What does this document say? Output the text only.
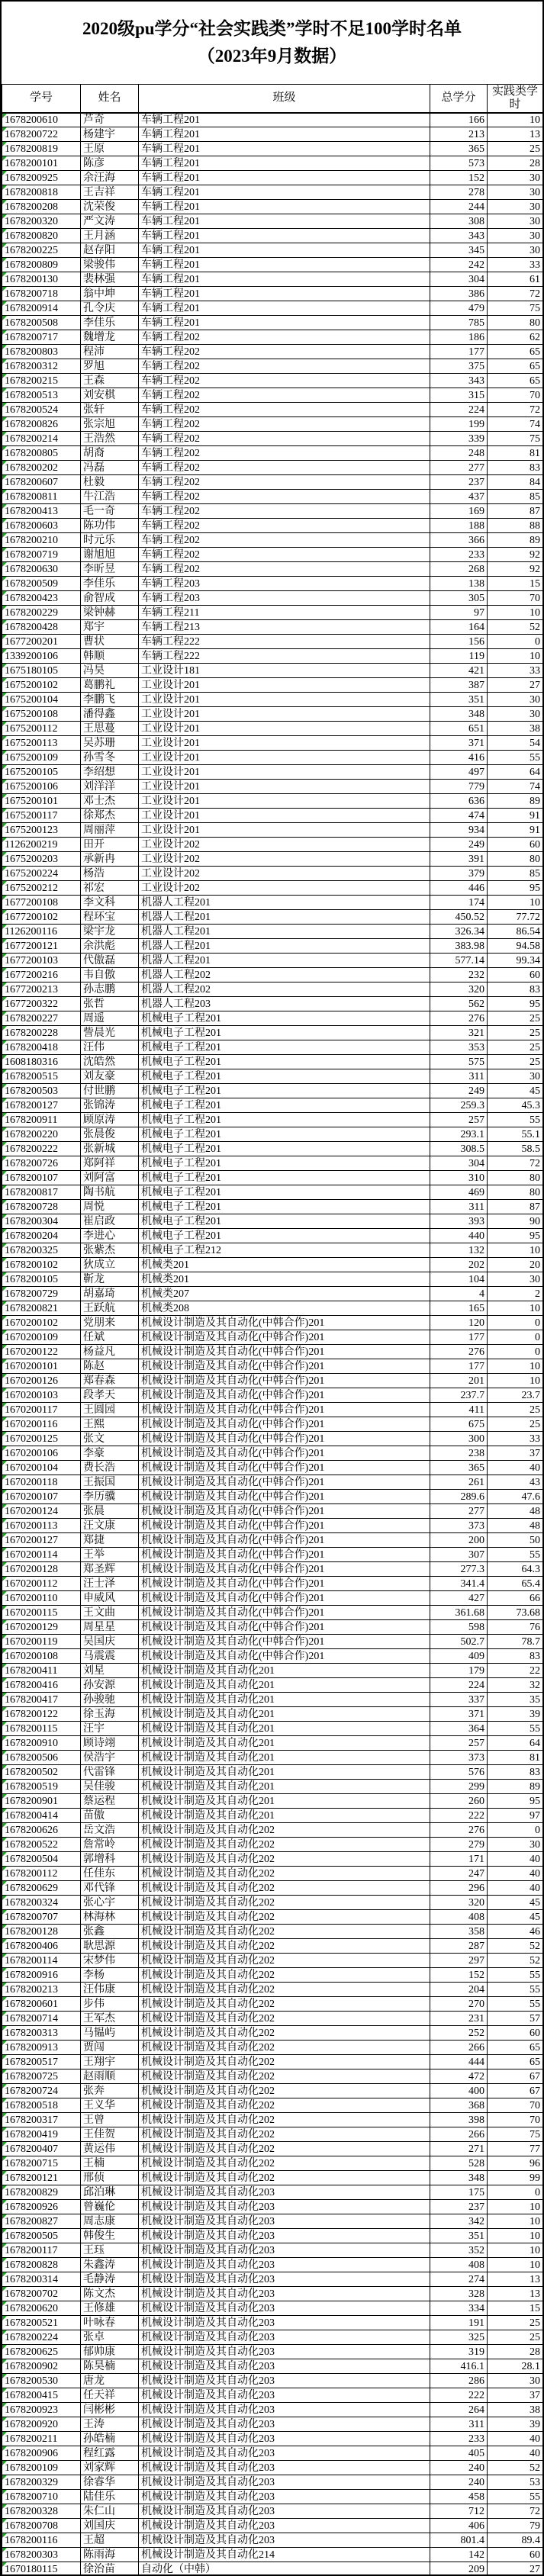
2020级pu学分“社会实践类”学时不足100学时名单
（2023年9月数据）
学号	姓名	班级	总学分	实践类学时

1678200610	芦奇	车辆工程201	166	10

1678200722	杨建宇	车辆工程201	213	13

1678200819	王原	车辆工程201	365	25

1678200101	陈彦	车辆工程201	573	28

1678200925	余汪海	车辆工程201	152	30

1678200818	王吉祥	车辆工程201	278	30

1678200208	沈荣俊	车辆工程201	244	30

1678200320	严文涛	车辆工程201	308	30

1678200820	王月涵	车辆工程201	343	30

1678200225	赵存阳	车辆工程201	345	30

1678200809	梁骏伟	车辆工程201	242	33

1678200130	裴林强	车辆工程201	304	61

1678200718	翁中坤	车辆工程201	386	72

1678200914	孔令庆	车辆工程201	479	75

1678200508	李佳乐	车辆工程201	785	80

1678200717	魏增龙	车辆工程202	186	62

1678200803	程沛	车辆工程202	177	65

1678200312	罗旭	车辆工程202	375	65

1678200215	王森	车辆工程202	343	65

1678200513	刘安棋	车辆工程202	315	70

1678200524	张轩	车辆工程202	224	72

1678200826	张宗旭	车辆工程202	199	74

1678200214	王浩然	车辆工程202	339	75

1678200805	胡裔	车辆工程202	248	81

1678200202	冯磊	车辆工程202	277	83

1678200607	杜毅	车辆工程202	237	84

1678200811	牛江浩	车辆工程202	437	85

1678200413	毛一奇	车辆工程202	169	87

1678200603	陈功伟	车辆工程202	188	88

1678200210	时元乐	车辆工程202	366	89

1678200719	谢旭旭	车辆工程202	233	92

1678200630	李昕昱	车辆工程202	268	92

1678200509	李佳乐	车辆工程203	138	15

1678200423	俞智成	车辆工程203	305	70

1678200229	梁钟赫	车辆工程211	97	10

1678200428	郑宇	车辆工程213	164	52

1677200201	曹状	车辆工程222	156	0

1339200106	韩顺	车辆工程222	119	10

1675180105	冯昊	工业设计181	421	33

1675200102	葛鹏礼	工业设计201	387	27

1675200104	李鹏飞	工业设计201	351	30

1675200108	潘得鑫	工业设计201	348	30

1675200112	王思蔓	工业设计201	651	38

1675200113	吴苏珊	工业设计201	371	54

1675200109	孙雪冬	工业设计201	416	55

1675200105	李绍想	工业设计201	497	64

1675200106	刘洋洋	工业设计201	779	74

1675200101	邓士杰	工业设计201	636	89

1675200117	徐郑杰	工业设计201	474	91

1675200123	周丽萍	工业设计201	934	91

1126200219	田开	工业设计202	249	60

1675200203	承新冉	工业设计202	391	80

1675200224	杨浩	工业设计202	379	85

1675200212	祁宏	工业设计202	446	95

1677200108	李文科	机器人工程201	174	10

1677200102	程环宝	机器人工程201	450.52	77.72

1126200116	梁宇龙	机器人工程201	326.34	86.54

1677200121	余洪彪	机器人工程201	383.98	94.58

1677200103	代傲磊	机器人工程201	577.14	99.34

1677200216	韦自傲	机器人工程202	232	60

1677200213	孙志鹏	机器人工程202	320	83

1677200322	张哲	机器人工程203	562	95

1678200227	周遥	机械电子工程201	276	25

1678200228	訾晨光	机械电子工程201	321	25

1678200418	汪伟	机械电子工程201	353	25

1608180316	沈皓然	机械电子工程201	575	25

1678200515	刘友豪	机械电子工程201	311	30

1678200503	付世鹏	机械电子工程201	249	45

1678200127	张锦涛	机械电子工程201	259.3	45.3

1678200911	顾原涛	机械电子工程201	257	55

1678200220	张晨俊	机械电子工程201	293.1	55.1

1678200222	张新城	机械电子工程201	308.5	58.5

1678200726	郑阿祥	机械电子工程201	304	72

1678200107	刘阿富	机械电子工程201	310	80

1678200817	陶书航	机械电子工程201	469	80

1678200728	周悦	机械电子工程201	311	87

1678200304	崔启政	机械电子工程201	393	90

1678200204	李进心	机械电子工程201	440	95

1678200325	张紫杰	机械电子工程212	132	10

1678200102	狄成立	机械类201	202	20

1678200105	靳龙	机械类201	104	30

1678200729	胡嘉琦	机械类207	4	2

1678200821	王跃航	机械类208	165	10

1670200102	党朋来	机械设计制造及其自动化(中韩合作)201	120	0

1670200109	任斌	机械设计制造及其自动化(中韩合作)201	177	0

1670200122	杨益凡	机械设计制造及其自动化(中韩合作)201	276	0

1670200101	陈赵	机械设计制造及其自动化(中韩合作)201	177	10

1670200126	郑春森	机械设计制造及其自动化(中韩合作)201	201	10

1670200103	段孝天	机械设计制造及其自动化(中韩合作)201	237.7	23.7

1670200117	王圆园	机械设计制造及其自动化(中韩合作)201	411	25

1670200116	王熙	机械设计制造及其自动化(中韩合作)201	675	25

1670200125	张文	机械设计制造及其自动化(中韩合作)201	300	33

1670200106	李豪	机械设计制造及其自动化(中韩合作)201	238	37

1670200104	费长浩	机械设计制造及其自动化(中韩合作)201	365	40

1670200118	王振国	机械设计制造及其自动化(中韩合作)201	261	43

1670200107	李历骥	机械设计制造及其自动化(中韩合作)201	289.6	47.6

1670200124	张晨	机械设计制造及其自动化(中韩合作)201	277	48

1670200113	汪文康	机械设计制造及其自动化(中韩合作)201	373	48

1670200127	郑捷	机械设计制造及其自动化(中韩合作)201	200	50

1670200114	王举	机械设计制造及其自动化(中韩合作)201	307	55

1670200128	郑圣辉	机械设计制造及其自动化(中韩合作)201	277.3	64.3

1670200112	汪士泽	机械设计制造及其自动化(中韩合作)201	341.4	65.4

1670200110	申威风	机械设计制造及其自动化(中韩合作)201	427	66

1670200115	王文曲	机械设计制造及其自动化(中韩合作)201	361.68	73.68

1670200129	周星星	机械设计制造及其自动化(中韩合作)201	598	76

1670200119	吴国庆	机械设计制造及其自动化(中韩合作)201	502.7	78.7

1670200108	马震震	机械设计制造及其自动化(中韩合作)201	409	83

1678200411	刘星	机械设计制造及其自动化201	179	22

1678200416	孙安源	机械设计制造及其自动化201	224	32

1678200417	孙骏驰	机械设计制造及其自动化201	337	35

1678200122	徐玉海	机械设计制造及其自动化201	371	39

1678200115	汪宇	机械设计制造及其自动化201	364	55

1678200910	顾诗翊	机械设计制造及其自动化201	257	64

1678200506	侯浩宇	机械设计制造及其自动化201	373	81

1678200502	代雷锋	机械设计制造及其自动化201	576	83

1678200519	吴佳骏	机械设计制造及其自动化201	299	89

1678200901	蔡运程	机械设计制造及其自动化201	260	95

1678200414	苗傲	机械设计制造及其自动化201	222	97

1678200626	岳文浩	机械设计制造及其自动化202	276	0

1678200522	詹常岭	机械设计制造及其自动化202	279	30

1678200504	郭增科	机械设计制造及其自动化202	171	40

1678200112	任佳东	机械设计制造及其自动化202	247	40

1678200629	邓代锋	机械设计制造及其自动化202	296	40

1678200324	张心宇	机械设计制造及其自动化202	320	45

1678200707	林海林	机械设计制造及其自动化202	408	45

1678200128	张鑫	机械设计制造及其自动化202	358	46

1678200406	耿思源	机械设计制造及其自动化202	287	52

1678200114	宋梦伟	机械设计制造及其自动化202	297	52

1678200916	李杨	机械设计制造及其自动化202	152	55

1678200213	汪伟康	机械设计制造及其自动化202	204	55

1678200601	步伟	机械设计制造及其自动化202	270	55

1678200714	王军杰	机械设计制造及其自动化202	231	57

1678200313	马韫屿	机械设计制造及其自动化202	252	60

1678200913	贾闯	机械设计制造及其自动化202	266	65

1678200517	王翔宇	机械设计制造及其自动化202	444	65

1678200725	赵雨顺	机械设计制造及其自动化202	472	67

1678200724	张奔	机械设计制造及其自动化202	400	67

1678200518	王义华	机械设计制造及其自动化202	368	70

1678200317	王曾	机械设计制造及其自动化202	398	70

1678200419	王佳贺	机械设计制造及其自动化202	266	75

1678200407	黄运伟	机械设计制造及其自动化202	271	77

1678200715	王楠	机械设计制造及其自动化202	528	96

1678200121	邢侦	机械设计制造及其自动化202	348	99

1678200829	邱泊琳	机械设计制造及其自动化203	175	0

1678200926	曾巍伦	机械设计制造及其自动化203	237	10

1678200827	周志康	机械设计制造及其自动化203	342	10

1678200505	韩俊生	机械设计制造及其自动化203	351	10

1678200117	王珏	机械设计制造及其自动化203	352	10

1678200828	朱鑫涛	机械设计制造及其自动化203	408	10

1678200314	毛静涛	机械设计制造及其自动化203	274	13

1678200702	陈文杰	机械设计制造及其自动化203	328	13

1678200620	王修雄	机械设计制造及其自动化203	334	15

1678200521	叶咏春	机械设计制造及其自动化203	191	25

1678200224	张卓	机械设计制造及其自动化203	325	25

1678200625	郁帅康	机械设计制造及其自动化203	319	28

1678200902	陈昊楠	机械设计制造及其自动化203	416.1	28.1

1678200530	唐龙	机械设计制造及其自动化203	286	30

1678200415	任天祥	机械设计制造及其自动化203	222	37

1678200923	闫彬彬	机械设计制造及其自动化203	264	38

1678200920	王涛	机械设计制造及其自动化203	311	39

1678200211	孙皓楠	机械设计制造及其自动化203	233	40

1678200906	程红露	机械设计制造及其自动化203	405	40

1678200109	刘家辉	机械设计制造及其自动化203	240	52

1678200329	徐睿华	机械设计制造及其自动化203	240	53

1678200710	陆佳乐	机械设计制造及其自动化203	458	55

1678200328	朱仁山	机械设计制造及其自动化203	712	72

1678200708	刘国庆	机械设计制造及其自动化203	406	79

1678200116	王超	机械设计制造及其自动化203	801.4	89.4

1678200303	陈雨海	机械设计制造及其自动化214	142	60

1670180115	徐治苗	自动化（中韩）	209	27
